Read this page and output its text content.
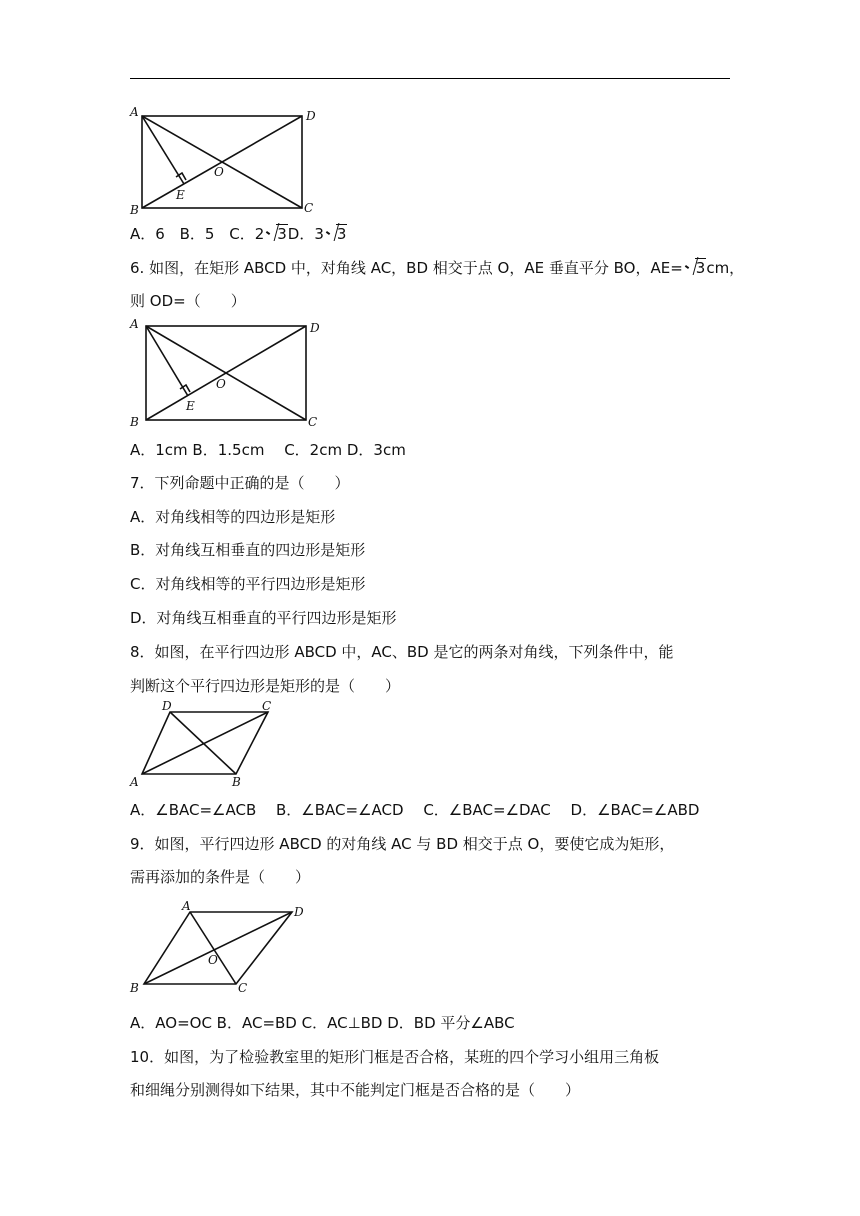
A	D
B	C
E
O
A．6 B．5 C．2 3D．3 3
6. 如图，在矩形 ABCD 中，对角线 AC，BD 相交于点 O，AE 垂直平分 BO，AE= 3cm，
则 OD=（　　）
A	D
B	C
E
O
A．1cm B．1.5cm　 C．2cm D．3cm
7．下列命题中正确的是（　　）
A．对角线相等的四边形是矩形
B．对角线互相垂直的四边形是矩形
C．对角线相等的平行四边形是矩形
D．对角线互相垂直的平行四边形是矩形
8．如图，在平行四边形 ABCD 中，AC、BD 是它的两条对角线，下列条件中，能
判断这个平行四边形是矩形的是（　　）
D	C
A	B
A．∠BAC=∠ACB　 B．∠BAC=∠ACD　 C．∠BAC=∠DAC　 D．∠BAC=∠ABD
9．如图，平行四边形 ABCD 的对角线 AC 与 BD 相交于点 O，要使它成为矩形，
需再添加的条件是（　　）
A	D
B	C
O
A．AO=OC B．AC=BD C．AC⊥BD D．BD 平分∠ABC
10．如图，为了检验教室里的矩形门框是否合格，某班的四个学习小组用三角板
和细绳分别测得如下结果，其中不能判定门框是否合格的是（　　）
